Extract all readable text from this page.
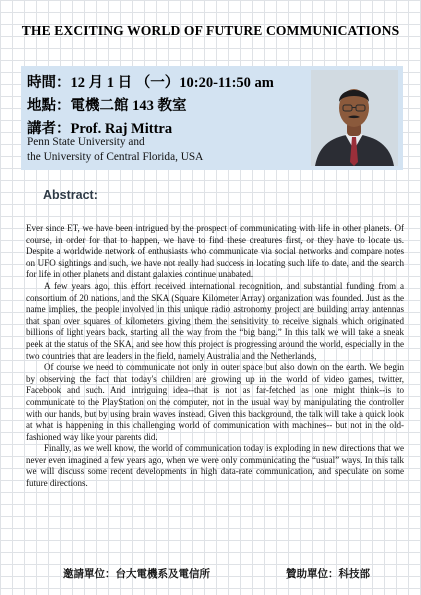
THE EXCITING WORLD OF FUTURE COMMUNICATIONS
時間：12 月 1 日 （一）10:20-11:50 am
地點：電機二館 143 教室
講者：Prof. Raj Mittra
Penn State University and
the University of Central Florida, USA
Abstract:

Ever since ET, we have been intrigued by the prospect of communicating with life in other planets. Of course, in order for that to happen, we have to find these creatures first, or they have to locate us. Despite a worldwide network of enthusiasts who communicate via social networks and compare notes on UFO sightings and such, we have not really had success in locating such life to date, and the search for life in other planets and distant galaxies continue unabated.

A few years ago, this effort received international recognition, and substantial funding from a consortium of 20 nations, and the SKA (Square Kilometer Array) organization was founded. Just as the name implies, the people involved in this unique radio astronomy project are building array antennas that span over squares of kilometers giving them the sensitivity to receive signals which originated billions of light years back, starting all the way from the “big bang.” In this talk we will take a sneak peek at the status of the SKA, and see how this project is progressing around the world, especially in the two countries that are leaders in the field, namely Australia and the Netherlands,

Of course we need to communicate not only in outer space but also down on the earth. We begin by observing the fact that today's children are growing up in the world of video games, twitter, Facebook and such. And intriguing idea--that is not as far-fetched as one might think--is to communicate to the PlayStation on the computer, not in the usual way by manipulating the controller with our hands, but by using brain waves instead. Given this background, the talk will take a quick look at what is happening in this challenging world of communication with machines-- but not in the old-fashioned way like your parents did.

Finally, as we well know, the world of communication today is exploding in new directions that we never even imagined a few years ago, when we were only communicating the “usual” ways. In this talk we will discuss some recent developments in high data-rate communication, and speculate on some future directions.

邀請單位：台大電機系及電信所	贊助單位：科技部
